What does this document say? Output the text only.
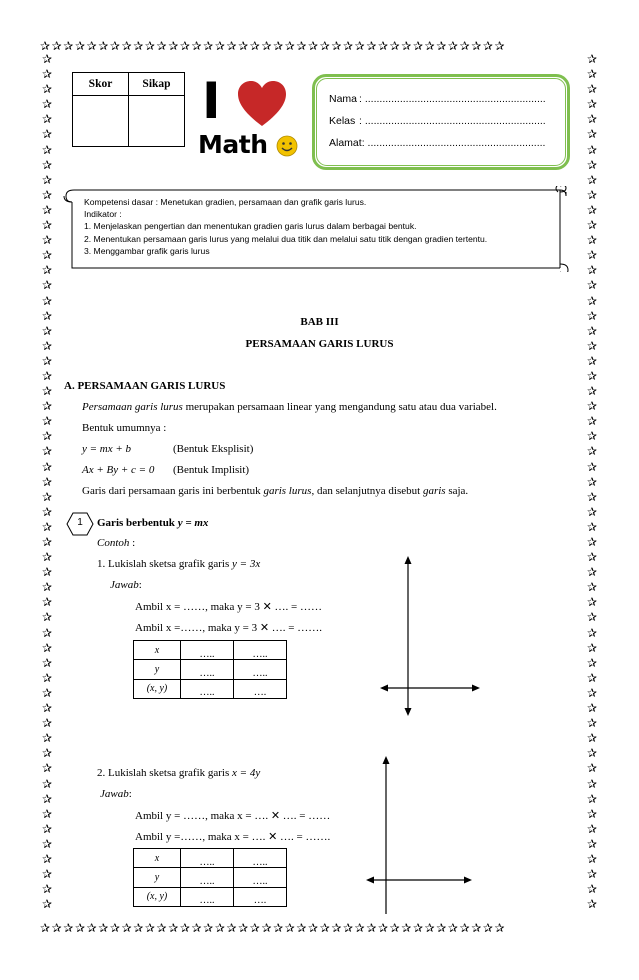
✰✰✰✰✰✰✰✰✰✰✰✰✰✰✰✰✰✰✰✰✰✰✰✰✰✰✰✰✰✰✰✰✰✰✰✰✰✰✰✰
✰✰✰✰✰✰✰✰✰✰✰✰✰✰✰✰✰✰✰✰✰✰✰✰✰✰✰✰✰✰✰✰✰✰✰✰✰✰✰✰
✰
✰
✰
✰
✰
✰
✰
✰
✰
✰
✰
✰
✰
✰
✰
✰
✰
✰
✰
✰
✰
✰
✰
✰
✰
✰
✰
✰
✰
✰
✰
✰
✰
✰
✰
✰
✰
✰
✰
✰
✰
✰
✰
✰
✰
✰
✰
✰
✰
✰
✰
✰
✰
✰
✰
✰
✰
✰
✰
✰
✰
✰
✰
✰
✰
✰
✰
✰
✰
✰
✰
✰
✰
✰
✰
✰
✰
✰
✰
✰
✰
✰
✰
✰
✰
✰
✰
✰
✰
✰
✰
✰
✰
✰
✰
✰
✰
✰
✰
✰
✰
✰
✰
✰
✰
✰
✰
✰
✰
✰
✰
✰
✰
✰
Skor	Sikap
	I
Math
Nama : ..............................................................
Kelas : ..............................................................
Alamat: .............................................................
Kompetensi dasar : Menetukan gradien, persamaan dan grafik garis lurus.
Indikator :
1. Menjelaskan pengertian dan menentukan gradien garis lurus dalam berbagai bentuk.
2. Menentukan persamaan garis lurus yang melalui dua titik dan melalui satu titik dengan gradien tertentu.
3. Menggambar grafik garis lurus
BAB III
PERSAMAAN GARIS LURUS
A. PERSAMAAN GARIS LURUS
Persamaan garis lurus merupakan persamaan linear yang mengandung satu atau dua variabel.
Bentuk umumnya :
y = mx + b	(Bentuk Eksplisit)
Ax + By + c = 0 (Bentuk Implisit)
Garis dari persamaan garis ini berbentuk garis lurus, dan selanjutnya disebut garis saja.
1	Garis berbentuk y = mx
Contoh :
1. Lukislah sketsa grafik garis y = 3x
Jawab:
Ambil x = ……, maka y = 3 ✕ …. = ……
Ambil x =……, maka y = 3 ✕ …. = …….
x	…..	…..
y	…..	…..
(x, y)	…..	….
2. Lukislah sketsa grafik garis x = 4y
Jawab:
Ambil y = ……, maka x = …. ✕ …. = ……
Ambil y =……, maka x = …. ✕ …. = …….
x	…..	…..
y	…..	…..
(x, y)	…..	….
